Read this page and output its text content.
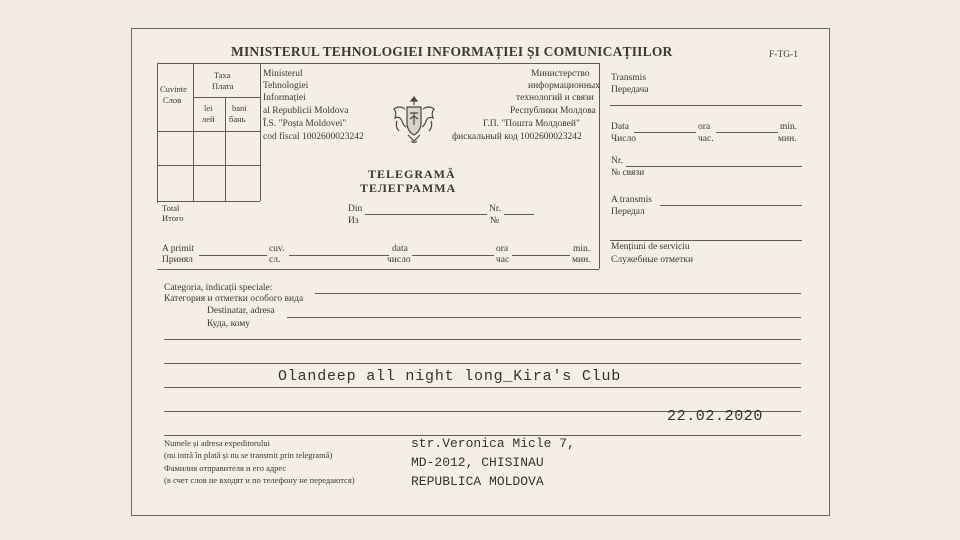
MINISTERUL TEHNOLOGIEI INFORMAȚIEI ȘI COMUNICAȚIILOR	F-TG-1
Cuvinte
Слов
Taxa
Плата
lei
лей
bani
бань
Total
Итого
Ministerul
Tehnologiei
Informației
al Republicii Moldova
Î.S. "Poșta Moldovei"
cod fiscal 1002600023242
Министерство
информационных
технологий и связи
Республики Молдова
Г.П. "Пошта Молдовей"
фискальный код 1002600023242
TELEGRAMĂ
ТЕЛЕГРАММА
Din
Из
Nr.
№
A primit
Принял
cuv.
сл.
data
число
ora
час
min.
мин.
Transmis
Передача
Data
Число
ora
час.
min.
мин.
Nr.
№ связи
A transmis
Передал
Mențiuni de serviciu
Служебные отметки
Categoria, indicații speciale:
Категория и отметки особого вида
Destinatar, adresa
Куда, кому
Olandeep all night long_Kira's Club
22.02.2020
Numele și adresa expeditorului
(nu intră în plată și nu se transmit prin telegramă)
Фамилия отправителя и его адрес
(в счет слов не входят и по телефону не передаются)
str.Veronica Micle 7,
MD-2012, CHISINAU
REPUBLICA MOLDOVA
